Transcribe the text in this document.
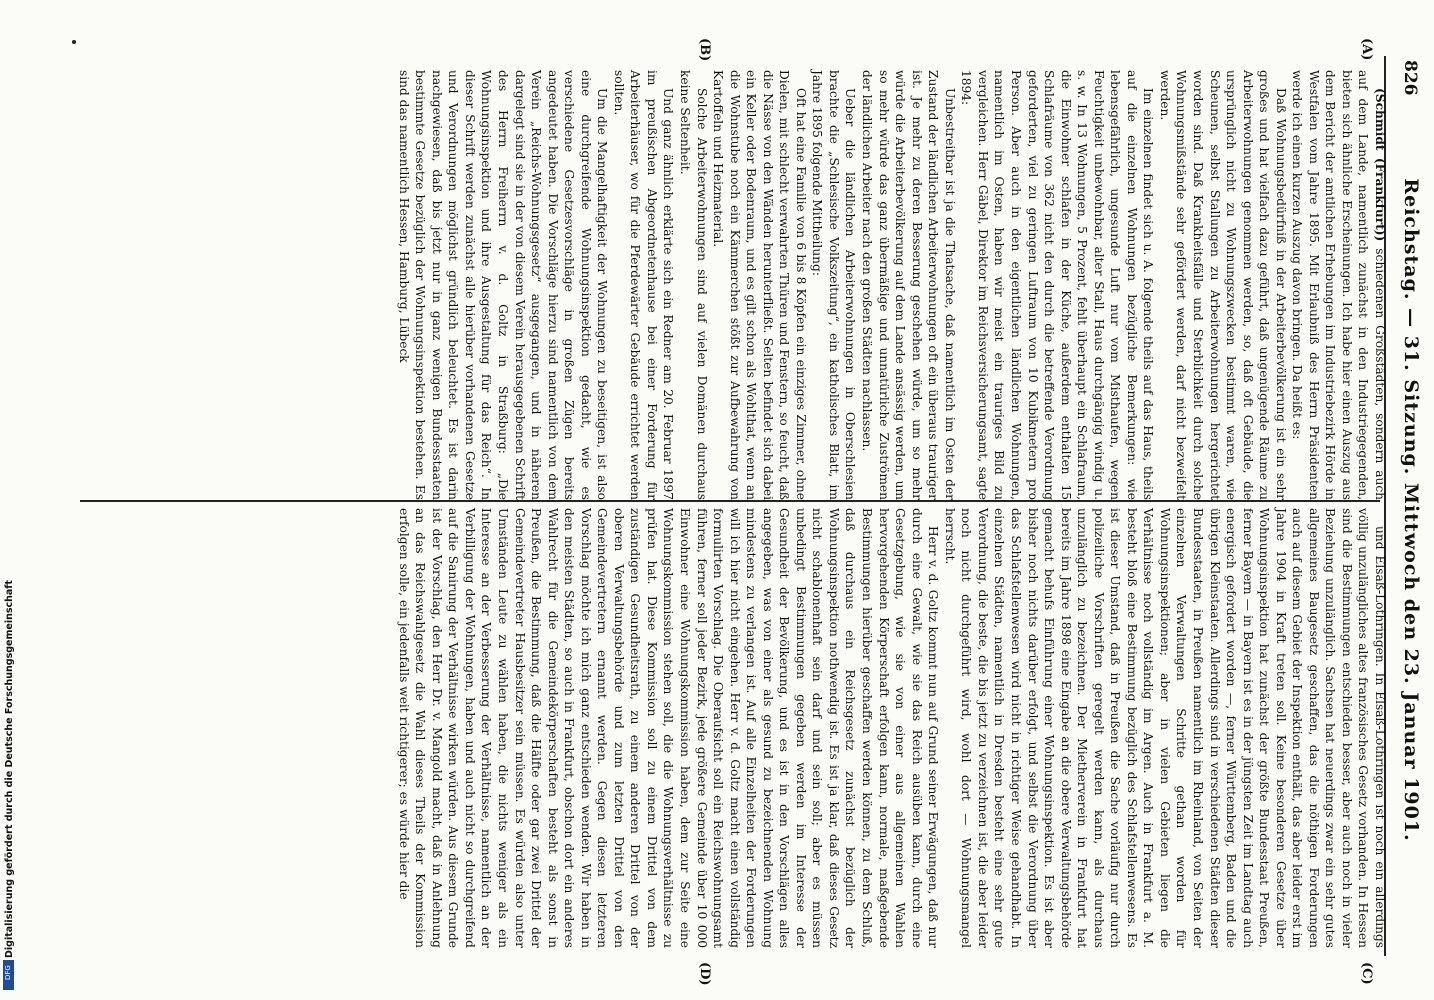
826
Reichstag. — 31. Sitzung. Mittwoch den 23. Januar 1901.
(A)
(B)
(C)
(D)

(Schmidt (Frankfurt)) schiedenen Großstädten, sondern auch auf dem Lande, namentlich zunächst in den Industriegegenden, bieten sich ähnliche Erscheinungen. Ich habe hier einen Auszug aus dem Bericht der amtlichen Erhebungen im Industriebezirk Hörde in Westfalen vom Jahre 1895. Mit Erlaubniß des Herrn Präsidenten werde ich einen kurzen Auszug davon bringen. Da heißt es:

Daß Wohnungsbedürfniß in der Arbeiterbevölkerung ist ein sehr großes und hat vielfach dazu geführt, daß ungenügende Räume zu Arbeiterwohnungen genommen werden, so, daß oft Gebäude, die ursprünglich nicht zu Wohnungszwecken bestimmt waren, wie Scheunen, selbst Stallungen zu Arbeiterwohnungen hergerichtet worden sind. Daß Krankheitsfälle und Sterblichkeit durch solche Wohnungsmißstände sehr gefördert werden, darf nicht bezweifelt werden.

Im einzelnen findet sich u. A. folgende theils auf das Haus, theils auf die einzelnen Wohnungen bezügliche Bemerkungen: wie lebensgefährlich, ungesunde Luft nur vom Misthaufen, wegen Feuchtigkeit unbewohnbar, alter Stall, Haus durchgängig windig u. s. w. In 13 Wohnungen, 5 Prozent, fehlt überhaupt ein Schlafraum, die Einwohner schlafen in der Küche, außerdem enthalten 15 Schlafräume von 362 nicht den durch die betreffende Verordnung geforderten, viel zu geringen Luftraum von 10 Kubikmetern pro Person. Aber auch in den eigentlichen ländlichen Wohnungen, namentlich im Osten, haben wir meist ein trauriges Bild zu vergleichen. Herr Gäbel, Direktor im Reichsversicherungsamt, sagte 1894:

Unbestreitbar ist ja die Thatsache, daß namentlich im Osten der Zustand der ländlichen Arbeiterwohnungen oft ein überaus trauriger ist. Je mehr zu deren Besserung geschehen würde, um so mehr würde die Arbeiterbevölkerung auf dem Lande ansässig werden, um so mehr würde das ganz übermäßige und unnatürliche Zuströmen der ländlichen Arbeiter nach den großen Städten nachlassen.

Ueber die ländlichen Arbeiterwohnungen in Oberschlesien brachte die „Schlesische Volkszeitung“, ein katholisches Blatt, im Jahre 1895 folgende Mittheilung:

Oft hat eine Familie von 6 bis 8 Köpfen ein einziges Zimmer, ohne Dielen, mit schlecht verwahrten Thüren und Fenstern, so feucht, daß die Nässe von den Wänden herunterfließt. Selten befindet sich dabei ein Keller oder Bodenraum, und es gilt schon als Wohlthat, wenn an die Wohnstube noch ein Kämmerchen stößt zur Aufbewahrung von Kartoffeln und Heizmaterial.

Solche Arbeiterwohnungen sind auf vielen Domänen durchaus keine Seltenheit.

Und ganz ähnlich erklärte sich ein Redner am 20. Februar 1897 im preußischen Abgeordnetenhause bei einer Forderung für Arbeiterhäuser, wo für die Pferdewärter Gebäude errichtet werden sollten.

Um die Mangelhaftigkeit der Wohnungen zu beseitigen, ist also eine durchgreifende Wohnungsinspektion gedacht, wie es verschiedene Gesetzesvorschläge in großen Zügen bereits angedeutet haben. Die Vorschläge hierzu sind namentlich von dem Verein „Reichs-Wohnungsgesetz“ ausgegangen, und in näheren dargelegt sind sie in der von diesem Verein herausgegebenen Schrift des Herrn Freiherrn v. d. Goltz in Straßburg: „Die Wohnungsinspektion und ihre Ausgestaltung für das Reich“. In dieser Schrift werden zunächst alle hierüber vorhandenen Gesetze und Verordnungen möglichst gründlich beleuchtet. Es ist darin nachgewiesen, daß bis jetzt nur in ganz wenigen Bundesstaaten bestimmte Gesetze bezüglich der Wohnungsinspektion bestehen. Es sind das namentlich Hessen, Hamburg, Lübeck

und Elsaß-Lothringen. In Elsaß-Lothringen ist noch ein allerdings völlig unzulängliches altes französisches Gesetz vorhanden. In Hessen sind die Bestimmungen entschieden besser, aber auch noch in vieler Beziehung unzulänglich. Sachsen hat neuerdings zwar ein sehr gutes allgemeines Baugesetz geschaffen, das die nöthigen Forderungen auch auf diesem Gebiet der Inspektion enthält, das aber leider erst im Jahre 1904 in Kraft treten soll. Keine besonderen Gesetze über Wohnungsinspektion hat zunächst der größte Bundesstaat Preußen, ferner Bayern — in Bayern ist es in der jüngsten Zeit im Landtag auch energisch gefordert worden —, ferner Württemberg, Baden und die übrigen Kleinstaaten. Allerdings sind in verschiedenen Städten dieser Bundesstaaten, in Preußen namentlich im Rheinland, von Seiten der einzelnen Verwaltungen Schritte gethan worden für Wohnungsinspektionen; aber in vielen Gebieten liegen die Verhältnisse noch vollständig im Argen. Auch in Frankfurt a. M. besteht bloß eine Bestimmung bezüglich des Schlafstellenwesens. Es ist dieser Umstand, daß in Preußen die Sache vorläufig nur durch polizeiliche Vorschriften geregelt werden kann, als durchaus unzulänglich zu bezeichnen. Der Mietherverein in Frankfurt hat bereits im Jahre 1898 eine Eingabe an die obere Verwaltungsbehörde gemacht behufs Einführung einer Wohnungsinspektion. Es ist aber bisher noch nichts darüber erfolgt, und selbst die Verordnung über das Schlafstellenwesen wird nicht in richtiger Weise gehandhabt. In einzelnen Städten, namentlich in Dresden besteht eine sehr gute Verordnung, die beste, die bis jetzt zu verzeichnen ist, die aber leider noch nicht durchgeführt wird, wohl dort — Wohnungsmangel herrscht.

Herr v. d. Goltz kommt nun auf Grund seiner Erwägungen, daß nur durch eine Gewalt, wie sie das Reich ausüben kann, durch eine Gesetzgebung, wie sie von einer aus allgemeinen Wahlen hervorgehenden Körperschaft erfolgen kann, normale, maßgebende Bestimmungen hierüber geschaffen werden können, zu dem Schluß, daß durchaus ein Reichsgesetz zunächst bezüglich der Wohnungsinspektion nothwendig ist. Es ist ja klar, daß dieses Gesetz nicht schablonenhaft sein darf und sein soll; aber es müssen unbedingt Bestimmungen gegeben werden im Interesse der Gesundheit der Bevölkerung, und es ist in den Vorschlägen alles angegeben, was von einer als gesund zu bezeichnenden Wohnung mindestens zu verlangen ist. Auf alle Einzelheiten der Forderungen will ich hier nicht eingehen. Herr v. d. Goltz macht einen vollständig formulirten Vorschlag. Die Oberaufsicht soll ein Reichswohnungsamt führen, ferner soll jeder Bezirk, jede größere Gemeinde über 10 000 Einwohner eine Wohnungskommission haben, dem zur Seite eine Wohnungskommission stehen soll, die die Wohnungsverhältnisse zu prüfen hat. Diese Kommission soll zu einem Drittel von dem zuständigen Gesundheitsrath, zu einem anderen Drittel von der oberen Verwaltungsbehörde und zum letzten Drittel von den Gemeindevertretern ernannt werden. Gegen diesen letzteren Vorschlag möchte ich mich ganz entschieden wenden. Wir haben in den meisten Städten, so auch in Frankfurt, obschon dort ein anderes Wahlrecht für die Gemeindekörperschaften besteht als sonst in Preußen, die Bestimmung, daß die Hälfte oder gar zwei Drittel der Gemeindevertreter Hausbesitzer sein müssen. Es würden also unter Umständen Leute zu wählen haben, die nichts weniger als ein Interesse an der Verbesserung der Verhältnisse, namentlich an der Verbilligung der Wohnungen, haben und auch nicht so durchgreifend auf die Sanirung der Verhältnisse wirken würden. Aus diesem Grunde ist der Vorschlag, den Herr Dr. v. Mangold macht, daß in Anlehnung an das Reichswahlgesetz die Wahl dieses Theils der Kommission erfolgen solle, ein jedenfalls weit richtigerer; es würde hier die

Digitalisierung gefördert durch die Deutsche Forschungsgemeinschaft
DFG
